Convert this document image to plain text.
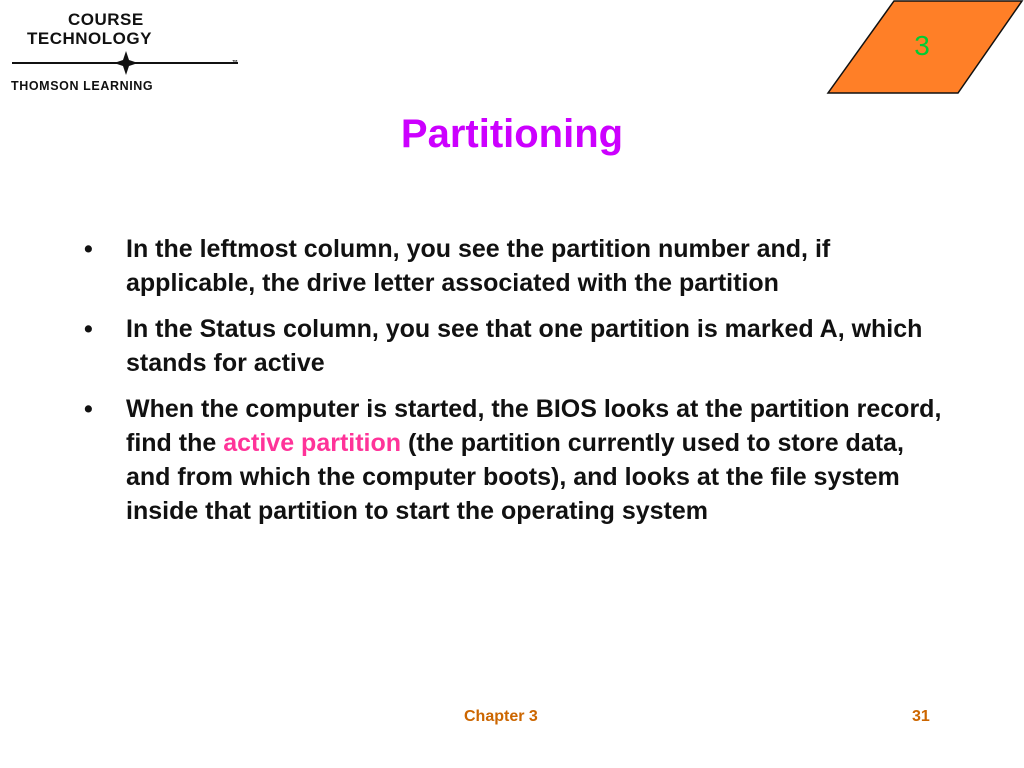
COURSE
TECHNOLOGY
™
THOMSON LEARNING
3
Partitioning
• In the leftmost column, you see the partition number and, if applicable, the drive letter associated with the partition
• In the Status column, you see that one partition is marked A, which stands for active
• When the computer is started, the BIOS looks at the partition record, find the active partition (the partition currently used to store data, and from which the computer boots), and looks at the file system inside that partition to start the operating system
Chapter 3	31
